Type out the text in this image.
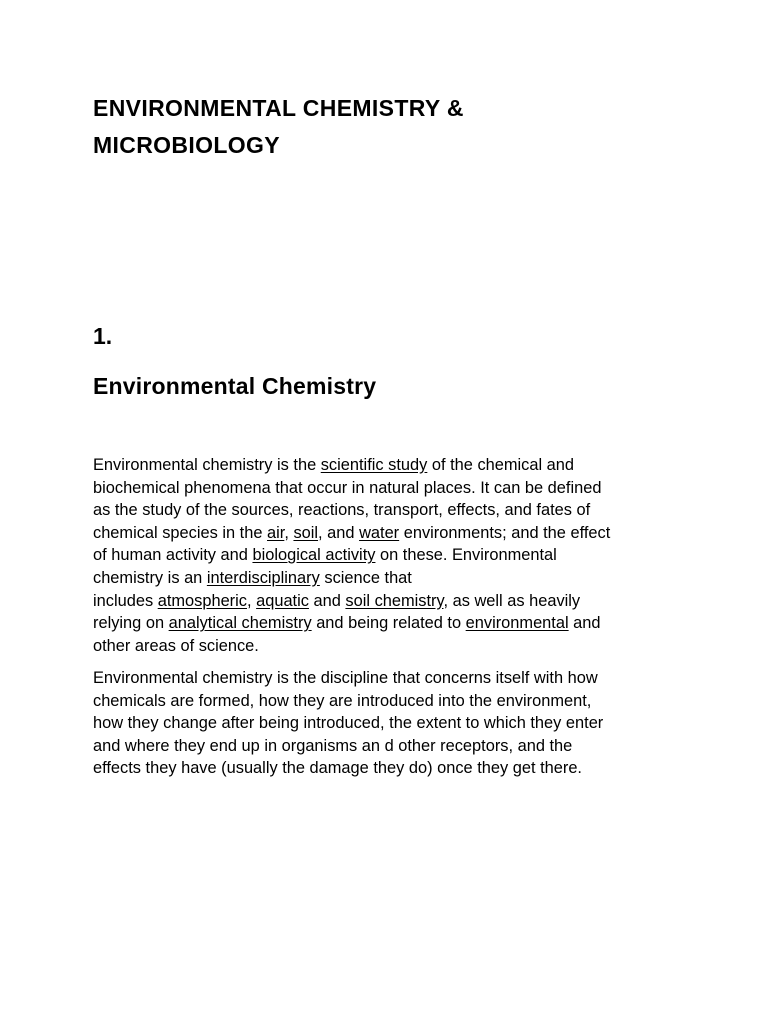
ENVIRONMENTAL CHEMISTRY &
MICROBIOLOGY
1.
Environmental Chemistry

Environmental chemistry is the scientific study of the chemical and
biochemical phenomena that occur in natural places. It can be defined
as the study of the sources, reactions, transport, effects, and fates of
chemical species in the air, soil, and water environments; and the effect
of human activity and biological activity on these. Environmental
chemistry is an interdisciplinary science that
includes atmospheric, aquatic and soil chemistry, as well as heavily
relying on analytical chemistry and being related to environmental and
other areas of science.

Environmental chemistry is the discipline that concerns itself with how
chemicals are formed, how they are introduced into the environment,
how they change after being introduced, the extent to which they enter
and where they end up in organisms an d other receptors, and the
effects they have (usually the damage they do) once they get there.
